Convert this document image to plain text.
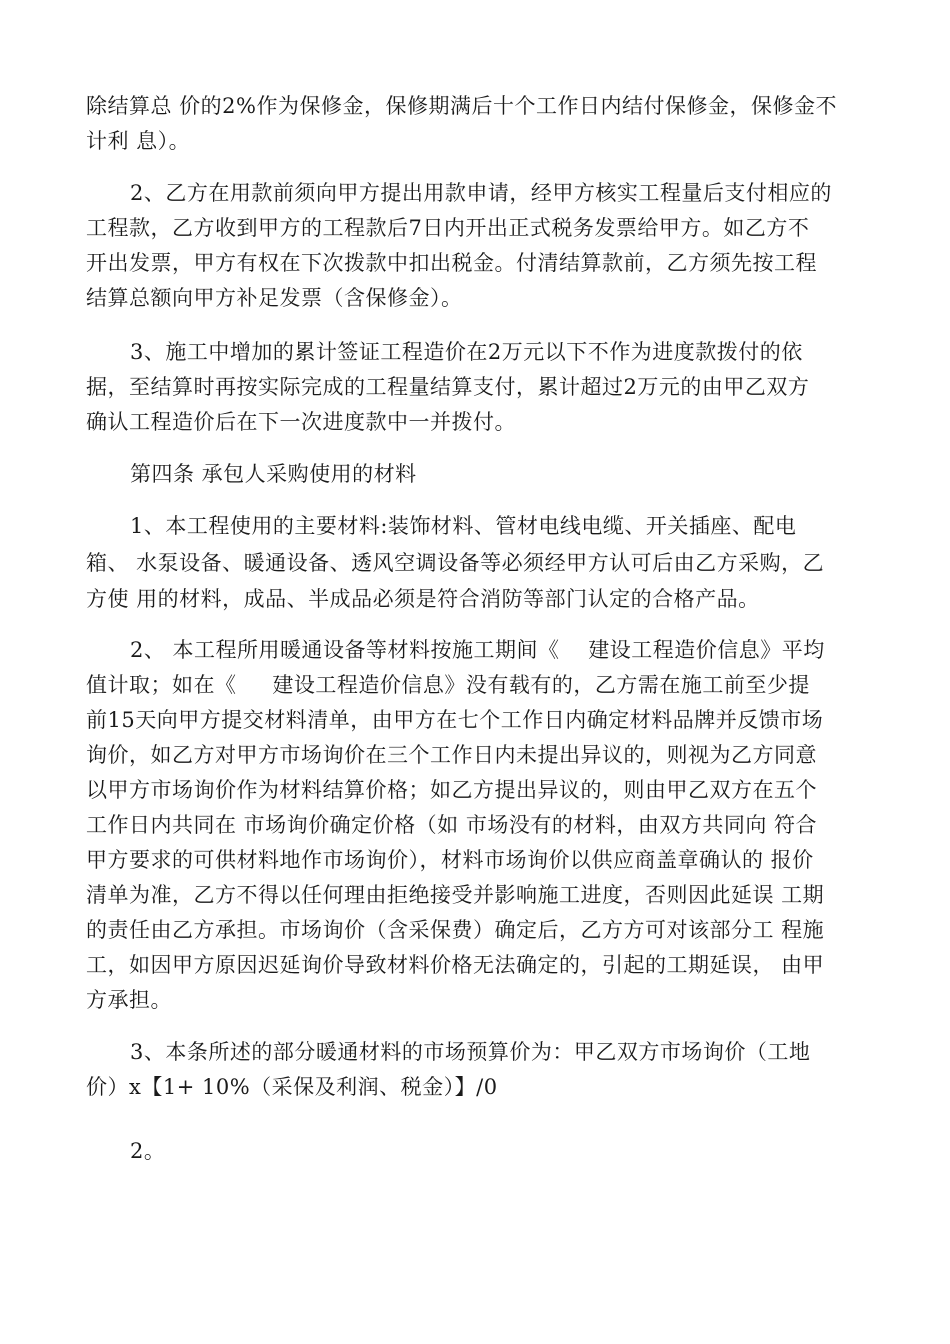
除结算总 价的2%作为保修金，保修期满后十个工作日内结付保修金，保修金不
计利 息）。
2、乙方在用款前须向甲方提出用款申请，经甲方核实工程量后支付相应的
工程款，乙方收到甲方的工程款后7日内开出正式税务发票给甲方。如乙方不
开出发票，甲方有权在下次拨款中扣出税金。付清结算款前，乙方须先按工程
结算总额向甲方补足发票（含保修金）。
3、施工中增加的累计签证工程造价在2万元以下不作为进度款拨付的依
据，至结算时再按实际完成的工程量结算支付，累计超过2万元的由甲乙双方
确认工程造价后在下一次进度款中一并拨付。
第四条 承包人采购使用的材料
1、本工程使用的主要材料:装饰材料、管材电线电缆、开关插座、配电
箱、 水泵设备、暖通设备、透风空调设备等必须经甲方认可后由乙方采购，乙
方使 用的材料，成品、半成品必须是符合消防等部门认定的合格产品。
2、 本工程所用暖通设备等材料按施工期间《    建设工程造价信息》平均
值计取；如在《     建设工程造价信息》没有载有的，乙方需在施工前至少提
前15天向甲方提交材料清单，由甲方在七个工作日内确定材料品牌并反馈市场
询价，如乙方对甲方市场询价在三个工作日内未提出异议的，则视为乙方同意
以甲方市场询价作为材料结算价格；如乙方提出异议的，则由甲乙双方在五个
工作日内共同在 市场询价确定价格（如 市场没有的材料，由双方共同向 符合
甲方要求的可供材料地作市场询价），材料市场询价以供应商盖章确认的 报价
清单为准，乙方不得以任何理由拒绝接受并影响施工进度，否则因此延误 工期
的责任由乙方承担。市场询价（含采保费）确定后，乙方方可对该部分工 程施
工，如因甲方原因迟延询价导致材料价格无法确定的，引起的工期延误， 由甲
方承担。
3、本条所述的部分暖通材料的市场预算价为：甲乙双方市场询价（工地
价）x【1+ 10%（采保及利润、税金）】/0
2。
